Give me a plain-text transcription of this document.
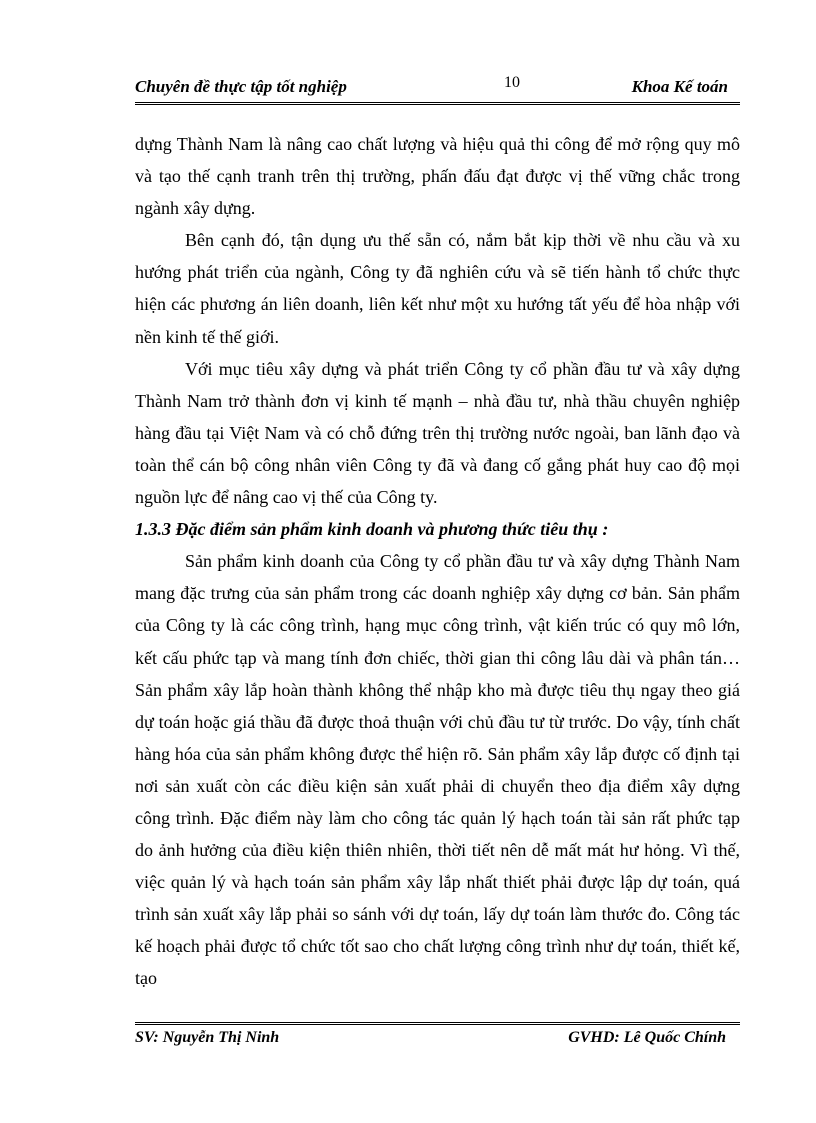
Chuyên đề thực tập tốt nghiệp	10	Khoa Kế toán

dựng Thành Nam là nâng cao chất lượng và hiệu quả thi công để mở rộng quy mô và tạo thế cạnh tranh trên thị trường, phấn đấu đạt được vị thế vững chắc trong ngành xây dựng.

Bên cạnh đó, tận dụng ưu thế sẵn có, nắm bắt kịp thời về nhu cầu và xu hướng phát triển của ngành, Công ty đã nghiên cứu và sẽ tiến hành tổ chức thực hiện các phương án liên doanh, liên kết như một xu hướng tất yếu để hòa nhập với nền kinh tế thế giới.

Với mục tiêu xây dựng và phát triển Công ty cổ phần đầu tư và xây dựng Thành Nam trở thành đơn vị kinh tế mạnh – nhà đầu tư, nhà thầu chuyên nghiệp hàng đầu tại Việt Nam và có chỗ đứng trên thị trường nước ngoài, ban lãnh đạo và toàn thể cán bộ công nhân viên Công ty đã và đang cố gắng phát huy cao độ mọi nguồn lực để nâng cao vị thế của Công ty.

1.3.3 Đặc điểm sản phẩm kinh doanh và phương thức tiêu thụ :

Sản phẩm kinh doanh của Công ty cổ phần đầu tư và xây dựng Thành Nam mang đặc trưng của sản phẩm trong các doanh nghiệp xây dựng cơ bản. Sản phẩm của Công ty là các công trình, hạng mục công trình, vật kiến trúc có quy mô lớn, kết cấu phức tạp và mang tính đơn chiếc, thời gian thi công lâu dài và phân tán… Sản phẩm xây lắp hoàn thành không thể nhập kho mà được tiêu thụ ngay theo giá dự toán hoặc giá thầu đã được thoả thuận với chủ đầu tư từ trước. Do vậy, tính chất hàng hóa của sản phẩm không được thể hiện rõ. Sản phẩm xây lắp được cố định tại nơi sản xuất còn các điều kiện sản xuất phải di chuyển theo địa điểm xây dựng công trình. Đặc điểm này làm cho công tác quản lý hạch toán tài sản rất phức tạp do ảnh hưởng của điều kiện thiên nhiên, thời tiết nên dễ mất mát hư hỏng. Vì thế, việc quản lý và hạch toán sản phẩm xây lắp nhất thiết phải được lập dự toán, quá trình sản xuất xây lắp phải so sánh với dự toán, lấy dự toán làm thước đo. Công tác kế hoạch phải được tổ chức tốt sao cho chất lượng công trình như dự toán, thiết kế, tạo

SV: Nguyễn Thị Ninh	GVHD: Lê Quốc Chính
